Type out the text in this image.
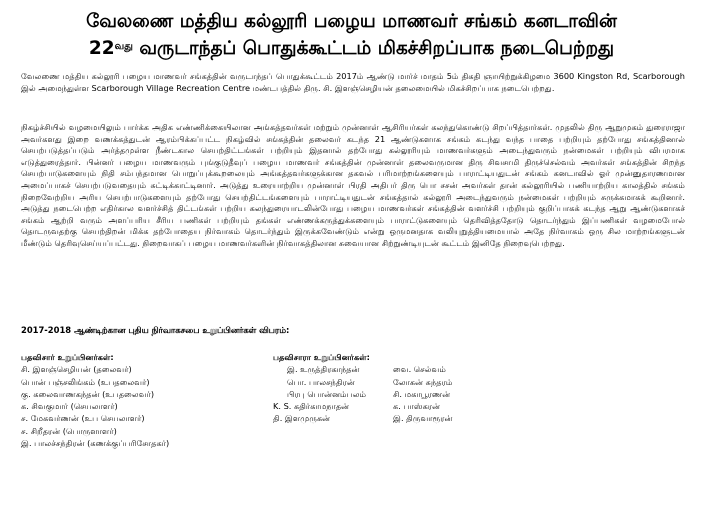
வேலணை மத்திய கல்லூரி பழைய மாணவர் சங்கம் கனடாவின்
$22^{வது}$ வருடாந்தப் பொதுக்கூட்டம் மிகச்சிறப்பாக நடைபெற்றது
வேலணை மத்திய கல்லூரி பழைய மாணவர் சங்கத்தின் வருடாந்தப் பொதுக்கூட்டம் 2017ம் ஆண்டு மார்ச் மாதம் 5ம் திகதி ஞாயிற்றுக்கிழமை 3600 Kingston Rd, Scarborough இல் அமைந்துள்ள Scarborough Village Recreation Centre மண்டபத்தில் திரு. சி. இளஞ்செழியன் தலைமையில் மிகச்சிறப்பாக நடைபெற்றது.
நிகழ்ச்சியில் வழமையிலும் பார்க்க அதிக எண்ணிக்கையிலான அங்கத்தவர்கள் மற்றும் முன்னாள் ஆசிரியர்கள் கலந்துகொண்டு சிறப்பித்தார்கள். முதலில் திரு ஆறுமுகம் துரைராஜா அவர்களது இறை வணக்கத்துடன் ஆரம்பிக்கப்பட்ட நிகழ்வில் சங்கத்தின் தலைவர் கடந்த 21 ஆண்டுகளாக சங்கம் கடந்து வந்த பாதை பற்றியும் தற்போது சங்கத்தினால் செயற்படுத்தப்படும் அர்த்தமுள்ள நீண்டகால செயற்திட்டங்கள் பற்றியும் இதனால் தற்போது கல்லூரியும் மாணவர்களும் அடைந்துவரும் நன்மைகள் பற்றியும் விபரமாக எடுத்துரைத்தார். பின்னர் பழைய மாணவரும் புங்குடுதீவுப் பழைய மாணவர் சங்கத்தின் முன்னாள் தலைவருமான திரு சிவசாமி திருச்செல்வம் அவர்கள் சங்கத்தின் சிறந்த செயற்பாடுகளையும் நிதி சம்பந்தமான பொறுப்புக்கூறலையும் அங்கத்தவர்களுக்கான தகவல் பரிமாற்றங்களையும் பாராட்டியதுடன் சங்கம் கனடாவில் ஓர் முன்னுதாரணமான அமைப்பாகச் செயற்படுவதையும் சுட்டிக்காட்டினார். அடுத்து உரையாற்றிய முன்னாள் பிரதி அதிபர் திரு பொ சசன் அவர்கள் தான் கல்லூரியில் பணியாற்றிய காலத்தில் சங்கம் நிறைவேற்றிய அரிய செயற்பாடுகளையும் தற்போது செயற்திட்டங்களையும் பாராட்டியதுடன் சங்கத்தால் கல்லூரி அடைந்துவரும் நன்மைகள் பற்றியும் சுருக்கமாகக் கூறினார். அடுத்து நடைபெற்ற எதிர்கால வளர்ச்சித் திட்டங்கள் பற்றிய கலந்துரையாடலின்போது பழைய மாணவர்கள் சங்கத்தின் வளர்ச்சி பற்றியும் குறிப்பாகக் கடந்த ஆறு ஆண்டுகளாகச் சங்கம் ஆற்றி வரும் அளப்பரிய சீரிய பணிகள் பற்றியும் தங்கள் எண்ணக்கருத்துக்களையும் பாராட்டுகளையும் தெரிவித்ததோடு தொடர்ந்தும் இப்பணிகள் வழமைபோல் தொடருவதற்கு செயற்திறன் மிக்க தற்போதைய நிர்வாகம் தொடர்ந்தும் இருக்கவேண்டும் என்று ஒருமனதாக வலியுறுத்தியமையால் அதே நிர்வாகம் ஒரு சில மாற்றங்களுடன் மீண்டும் தெரிவுசெய்யப்பட்டது. நிறைவாகப் பழைய மாணவர்களின் நிர்வாகத்திலான சுவையான சிற்றுண்டியுடன் கூட்டம் இனிதே நிறைவுபெற்றது.
2017-2018 ஆண்டிற்கான புதிய நிர்வாகசபை உறுப்பினர்கள் விபரம்:
பதவிசார் உறுப்பினர்கள்:
சி. இளஞ்செழியன் (தலைவர்)
பொன் பஞ்சலிங்கம் (உபதலைவர்)
கு. கலைவாணகந்தன் (உபதலைவர்)
க. சிவகுமார் (செயலாளர்)
ச. மேகவர்ணன் (உப செயலாளர்)
ச. சிறீதரன் (பொருளாளர்)
இ. பாலச்சந்திரன் (கணக்குப்பரிசோதகர்)
பதவிசாரா உறுப்பினர்கள்:
இ. உருத்திரகாந்தன்
பொ. பாலசந்திரன்
பிரபு பொன்னம்பலம்
K. S. கதிர்காமநாதன்
தி. இளமுருகன்
வை. செல்வம்
லோகன் சுந்தரம்
சி. மகாபூரணன்
க. பாஸ்கரன்
இ. திருவாரூரன்
